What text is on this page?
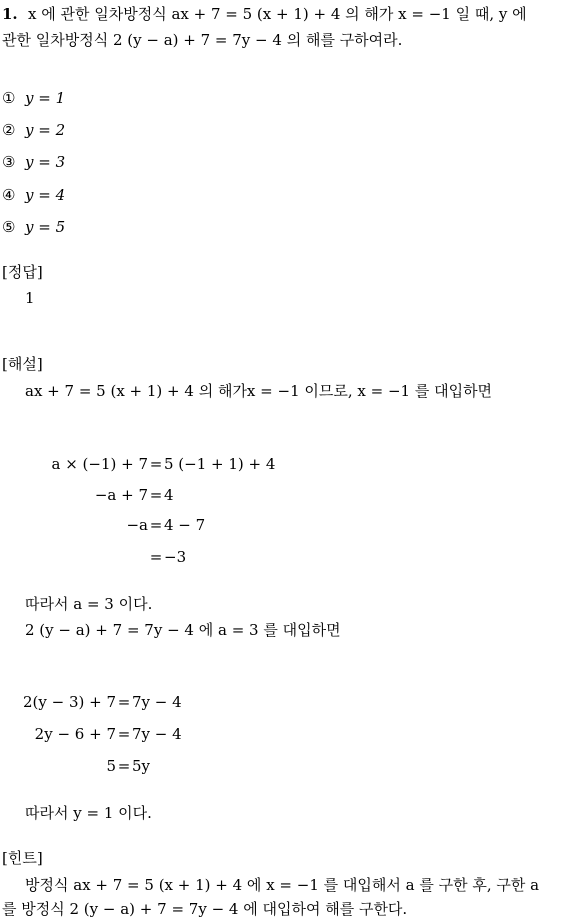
1. x 에 관한 일차방정식 ax + 7 = 5 (x + 1) + 4 의 해가 x = −1 일 때, y 에
관한 일차방정식 2 (y − a) + 7 = 7y − 4 의 해를 구하여라.
① y = 1
② y = 2
③ y = 3
④ y = 4
⑤ y = 5
[정답]
1
[해설]
ax + 7 = 5 (x + 1) + 4 의 해가x = −1 이므로, x = −1 를 대입하면
a × (−1) + 7 = 5 (−1 + 1) + 4
−a + 7 = 4
−a = 4 − 7
= −3
따라서 a = 3 이다.
2 (y − a) + 7 = 7y − 4 에 a = 3 를 대입하면
2(y − 3) + 7 = 7y − 4
2y − 6 + 7 = 7y − 4
5 = 5y
따라서 y = 1 이다.
[힌트]
방정식 ax + 7 = 5 (x + 1) + 4 에 x = −1 를 대입해서 a 를 구한 후, 구한 a
를 방정식 2 (y − a) + 7 = 7y − 4 에 대입하여 해를 구한다.
